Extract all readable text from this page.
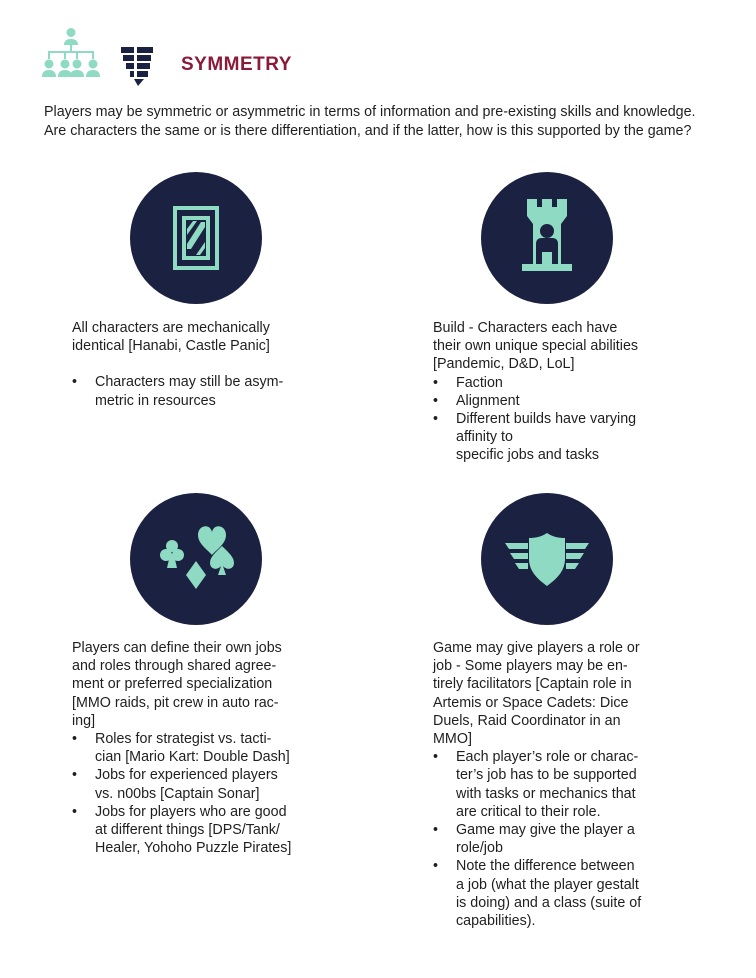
SYMMETRY

Players may be symmetric or asymmetric in terms of information and pre-existing skills and knowledge. Are characters the same or is there differentiation, and if the latter, how is this supported by the game?

All characters are mechanically

identical [Hanabi, Castle Panic]

• Characters may still be asym-
metric in resources

Build - Characters each have

their own unique special abilities

[Pandemic, D&D, LoL]

• Faction
• Alignment
• Different builds have varying
affinity to
specific jobs and tasks

Players can define their own jobs

and roles through shared agree-

ment or preferred specialization

[MMO raids, pit crew in auto rac-

ing]

• Roles for strategist vs. tacti-
cian [Mario Kart: Double Dash]
• Jobs for experienced players
vs. n00bs [Captain Sonar]
• Jobs for players who are good
at different things [DPS/Tank/
Healer, Yohoho Puzzle Pirates]

Game may give players a role or

job - Some players may be en-

tirely facilitators [Captain role in

Artemis or Space Cadets: Dice

Duels, Raid Coordinator in an

MMO]

• Each player’s role or charac-
ter’s job has to be supported
with tasks or mechanics that
are critical to their role.
• Game may give the player a
role/job
• Note the difference between
a job (what the player gestalt
is doing) and a class (suite of
capabilities).
